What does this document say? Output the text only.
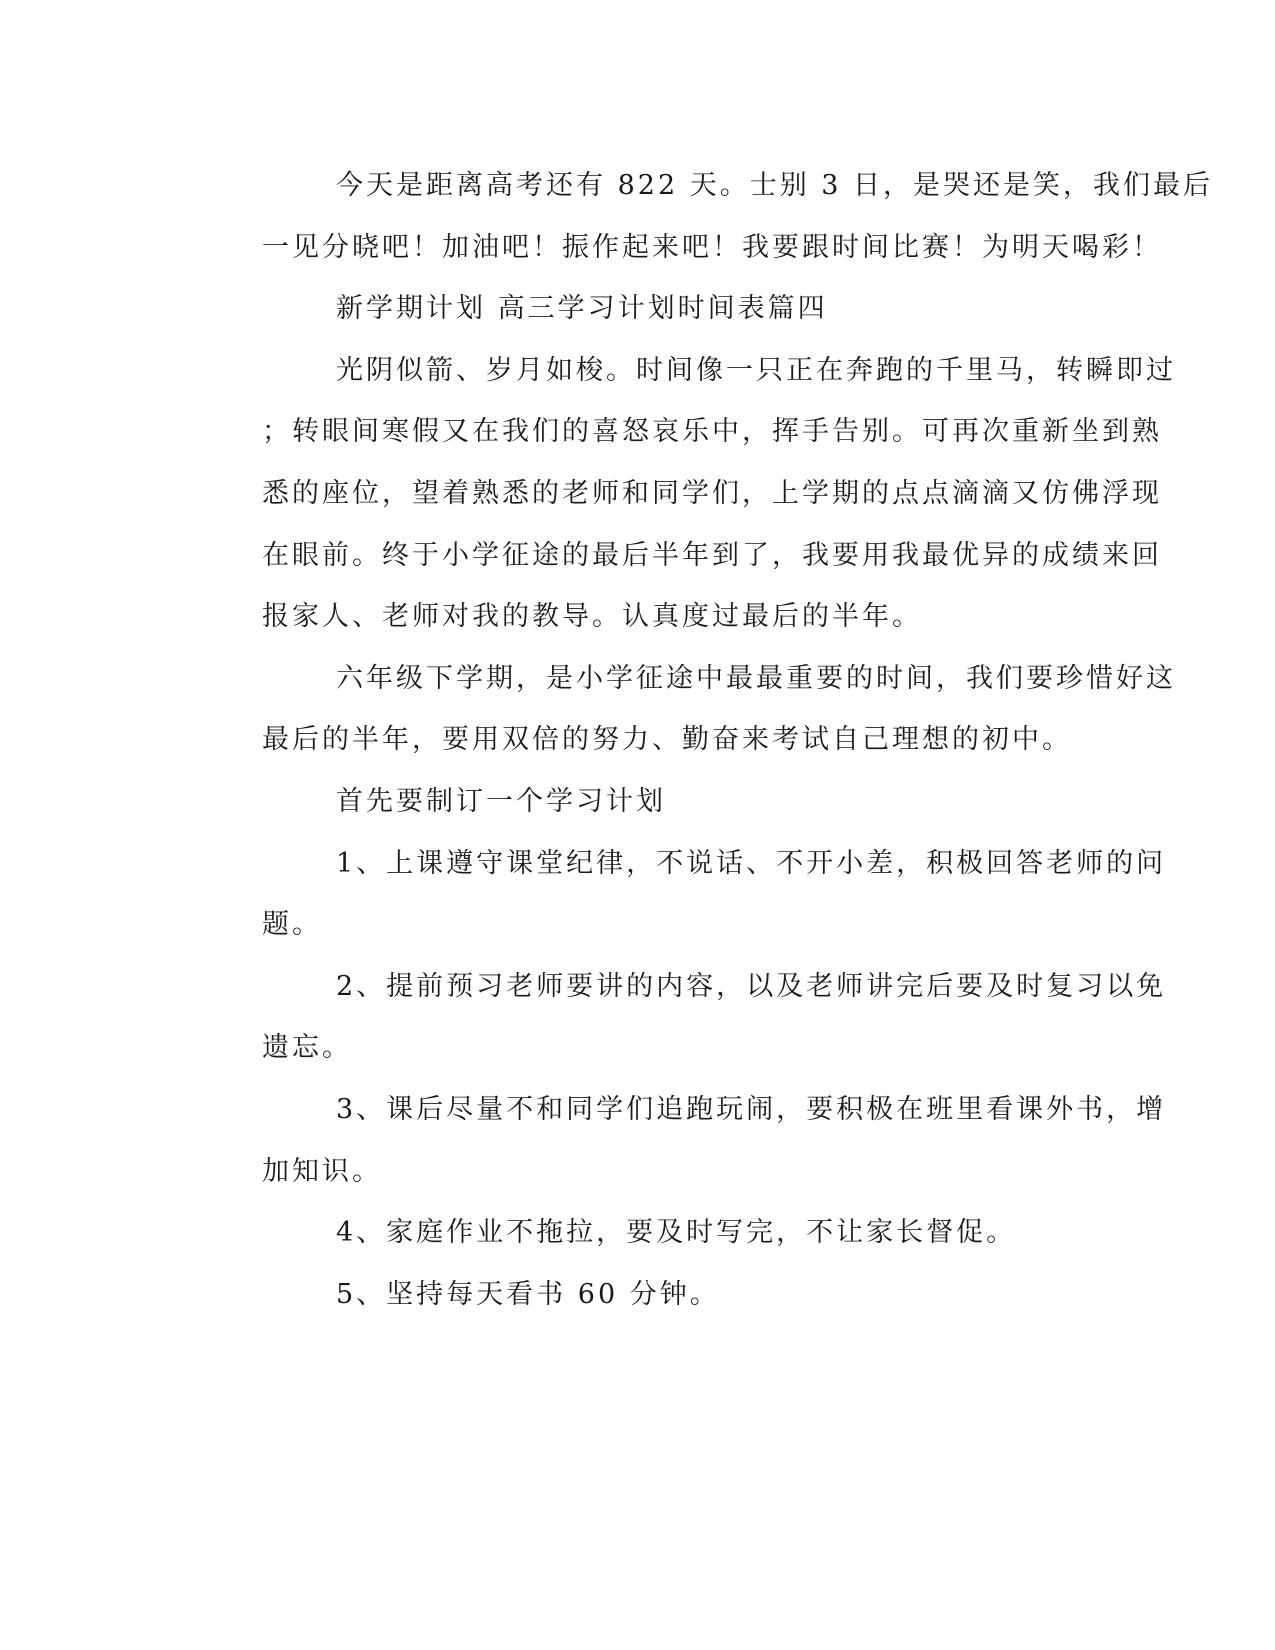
今天是距离高考还有 822 天。士别 3 日，是哭还是笑，我们最后
一见分晓吧！加油吧！振作起来吧！我要跟时间比赛！为明天喝彩！

新学期计划 高三学习计划时间表篇四

光阴似箭、岁月如梭。时间像一只正在奔跑的千里马，转瞬即过
；转眼间寒假又在我们的喜怒哀乐中，挥手告别。可再次重新坐到熟
悉的座位，望着熟悉的老师和同学们，上学期的点点滴滴又仿佛浮现
在眼前。终于小学征途的最后半年到了，我要用我最优异的成绩来回
报家人、老师对我的教导。认真度过最后的半年。

六年级下学期，是小学征途中最最重要的时间，我们要珍惜好这
最后的半年，要用双倍的努力、勤奋来考试自己理想的初中。

首先要制订一个学习计划

1、上课遵守课堂纪律，不说话、不开小差，积极回答老师的问
题。

2、提前预习老师要讲的内容，以及老师讲完后要及时复习以免
遗忘。

3、课后尽量不和同学们追跑玩闹，要积极在班里看课外书，增
加知识。

4、家庭作业不拖拉，要及时写完，不让家长督促。

5、坚持每天看书 60 分钟。
